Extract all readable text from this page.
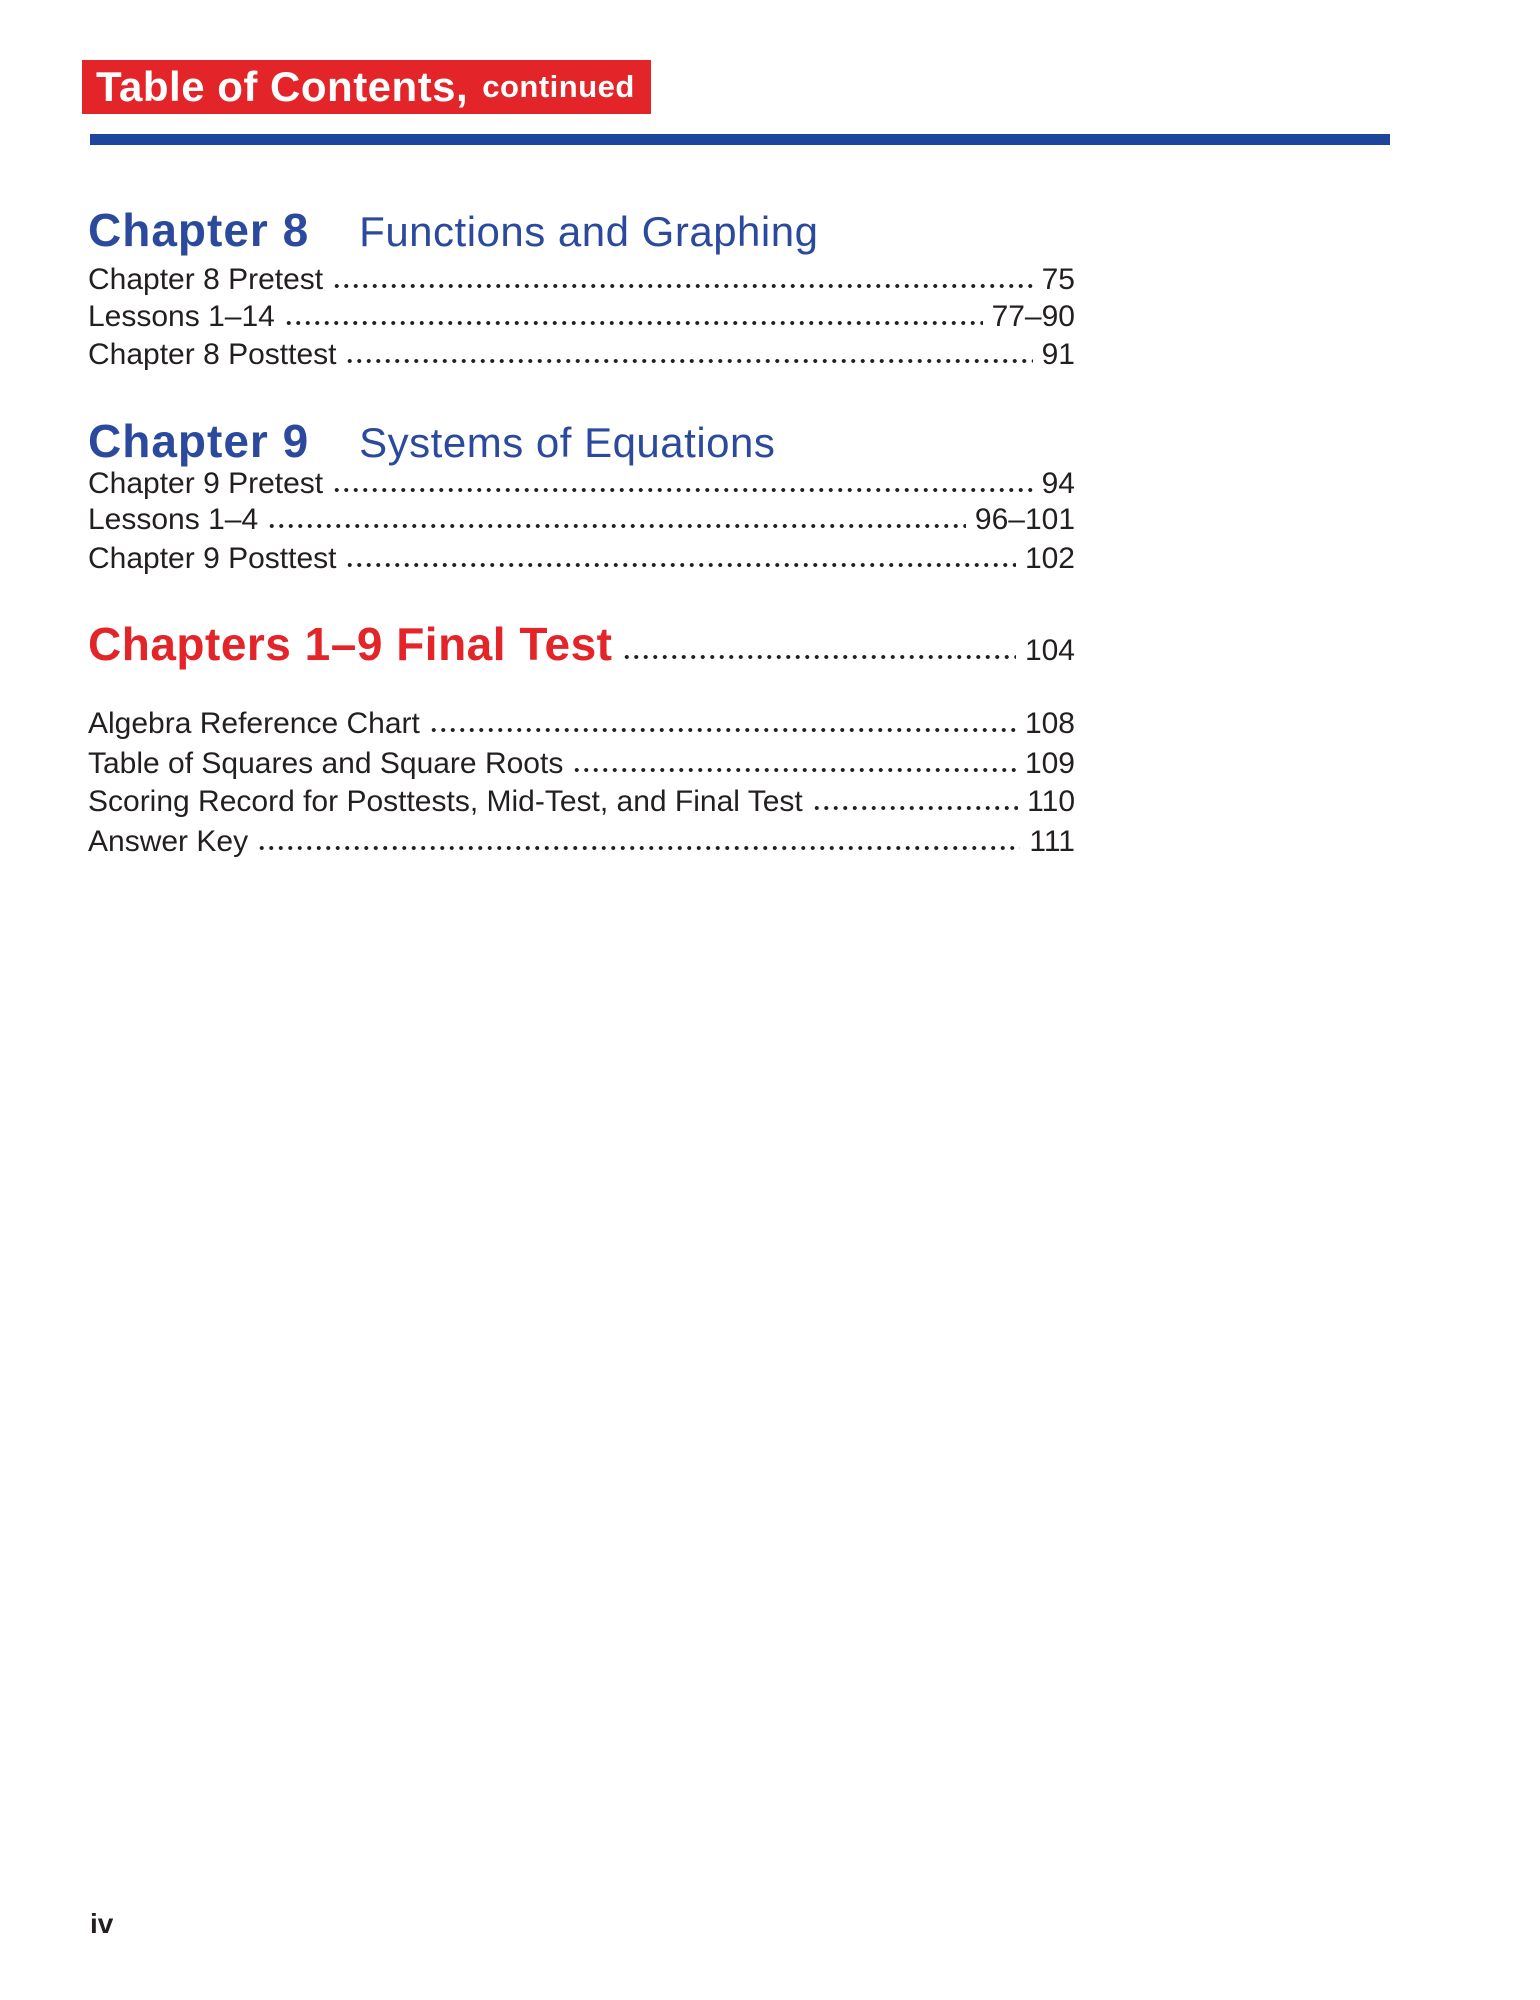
Table of Contents, continued
Chapter 8 Functions and Graphing
Chapter 8 Pretest	75
Lessons 1–14	77–90
Chapter 8 Posttest	91
Chapter 9 Systems of Equations
Chapter 9 Pretest	94
Lessons 1–4	96–101
Chapter 9 Posttest	102
Chapters 1–9 Final Test	104
Algebra Reference Chart	108
Table of Squares and Square Roots	109
Scoring Record for Posttests, Mid-Test, and Final Test	110
Answer Key	111
iv
